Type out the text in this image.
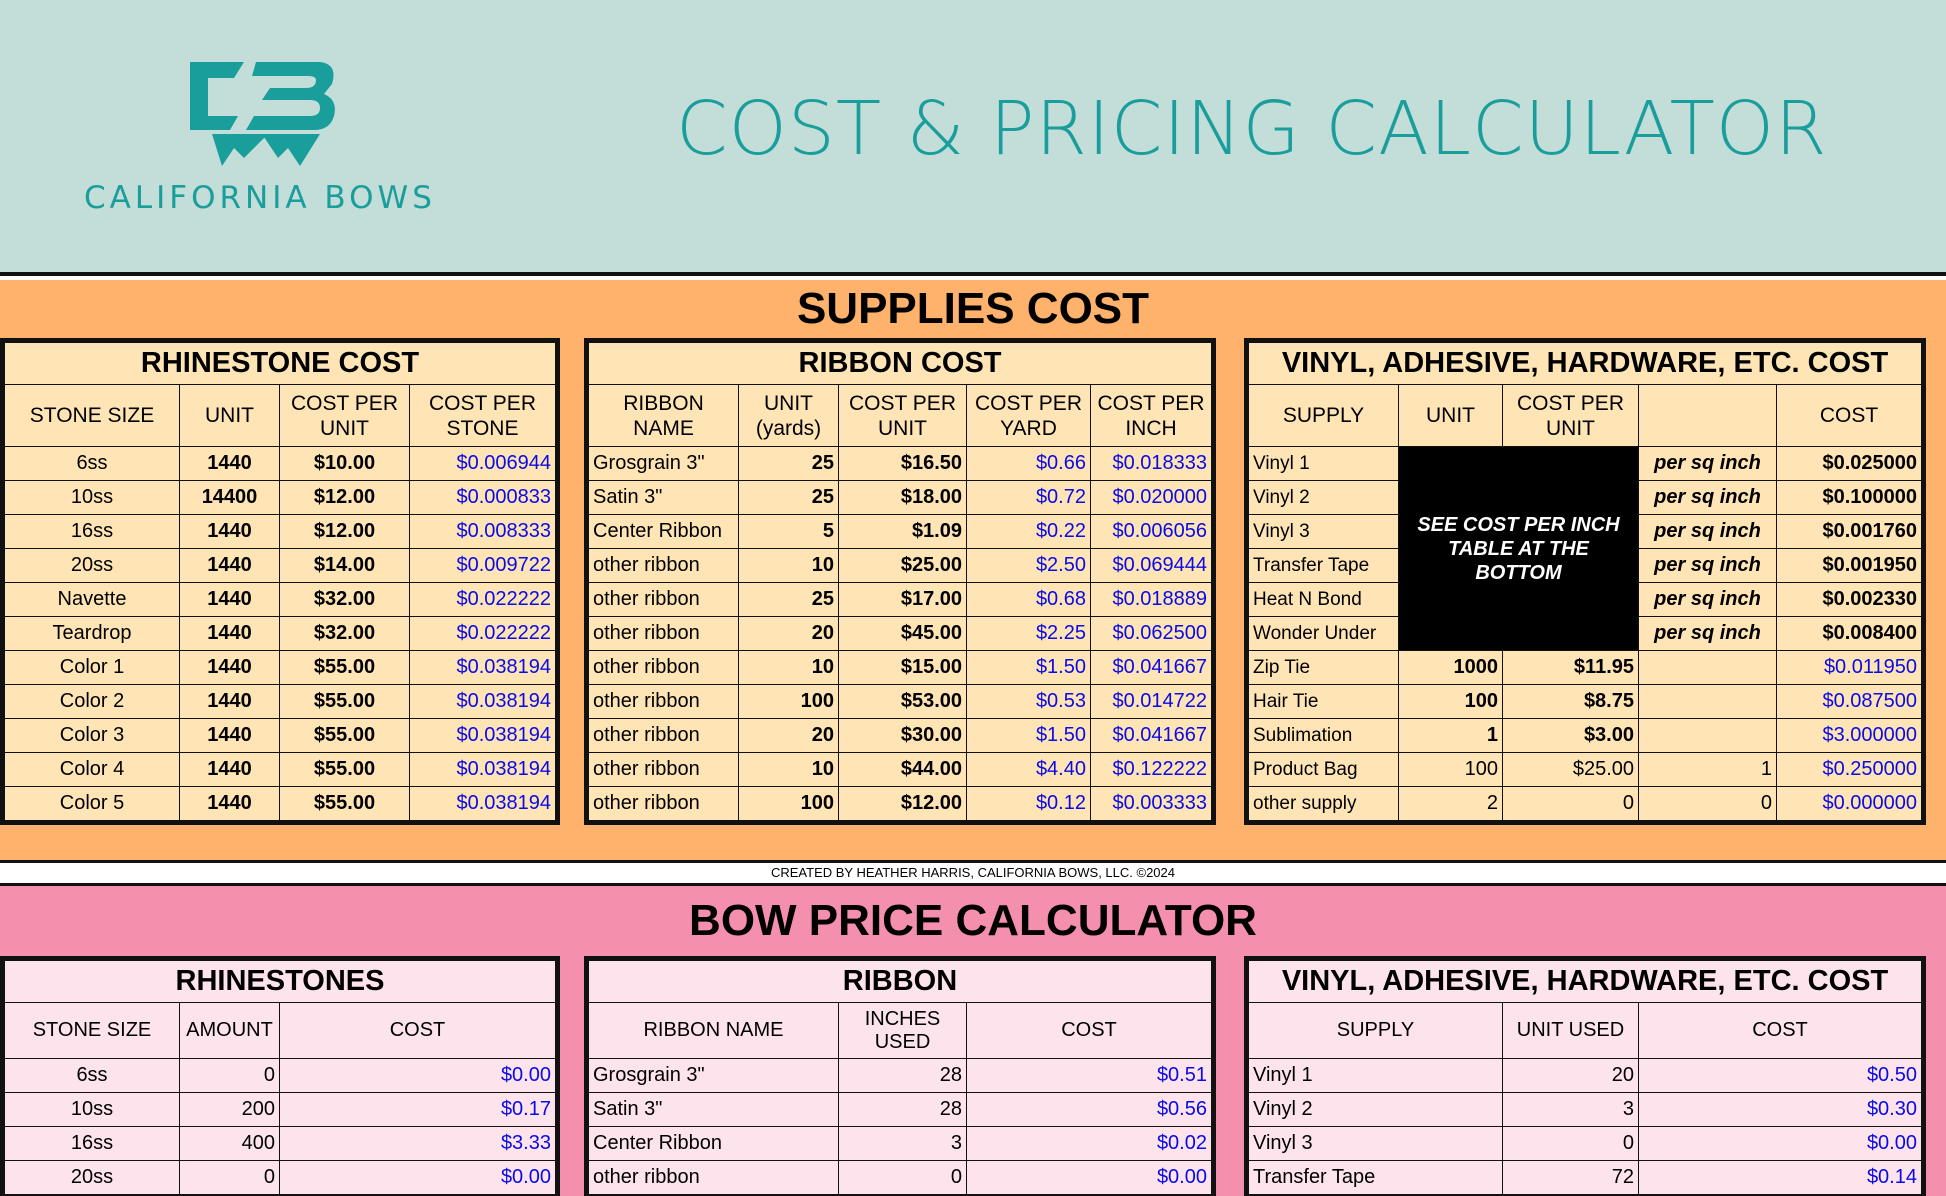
CALIFORNIA BOWS
COST & PRICING CALCULATOR
SUPPLIES COST
RHINESTONE COST			
STONE SIZE	UNIT	COST PER UNIT	COST PER STONE
6ss	1440	$10.00	$0.006944
10ss	14400	$12.00	$0.000833
16ss	1440	$12.00	$0.008333
20ss	1440	$14.00	$0.009722
Navette	1440	$32.00	$0.022222
Teardrop	1440	$32.00	$0.022222
Color 1	1440	$55.00	$0.038194
Color 2	1440	$55.00	$0.038194
Color 3	1440	$55.00	$0.038194
Color 4	1440	$55.00	$0.038194
Color 5	1440	$55.00	$0.038194
RIBBON COST				
RIBBON NAME	UNIT (yards)	COST PER UNIT	COST PER YARD	COST PER INCH
Grosgrain 3"	25	$16.50	$0.66	$0.018333
Satin 3"	25	$18.00	$0.72	$0.020000
Center Ribbon	5	$1.09	$0.22	$0.006056
other ribbon	10	$25.00	$2.50	$0.069444
other ribbon	25	$17.00	$0.68	$0.018889
other ribbon	20	$45.00	$2.25	$0.062500
other ribbon	10	$15.00	$1.50	$0.041667
other ribbon	100	$53.00	$0.53	$0.014722
other ribbon	20	$30.00	$1.50	$0.041667
other ribbon	10	$44.00	$4.40	$0.122222
other ribbon	100	$12.00	$0.12	$0.003333
VINYL, ADHESIVE, HARDWARE, ETC. COST				
SUPPLY	UNIT	COST PER UNIT		COST
Vinyl 1	SEE COST PER INCH TABLE AT THE BOTTOM		per sq inch	$0.025000
Vinyl 2			per sq inch	$0.100000
Vinyl 3			per sq inch	$0.001760
Transfer Tape			per sq inch	$0.001950
Heat N Bond			per sq inch	$0.002330
Wonder Under			per sq inch	$0.008400
Zip Tie	1000	$11.95		$0.011950
Hair Tie	100	$8.75		$0.087500
Sublimation	1	$3.00		$3.000000
Product Bag	100	$25.00	1	$0.250000
other supply	2	0	0	$0.000000
CREATED BY HEATHER HARRIS, CALIFORNIA BOWS, LLC. ©2024
BOW PRICE CALCULATOR
RHINESTONES		
STONE SIZE	AMOUNT	COST
6ss	0	$0.00
10ss	200	$0.17
16ss	400	$3.33
20ss	0	$0.00
RIBBON		
RIBBON NAME	INCHES USED	COST
Grosgrain 3"	28	$0.51
Satin 3"	28	$0.56
Center Ribbon	3	$0.02
other ribbon	0	$0.00
VINYL, ADHESIVE, HARDWARE, ETC. COST		
SUPPLY	UNIT USED	COST
Vinyl 1	20	$0.50
Vinyl 2	3	$0.30
Vinyl 3	0	$0.00
Transfer Tape	72	$0.14
